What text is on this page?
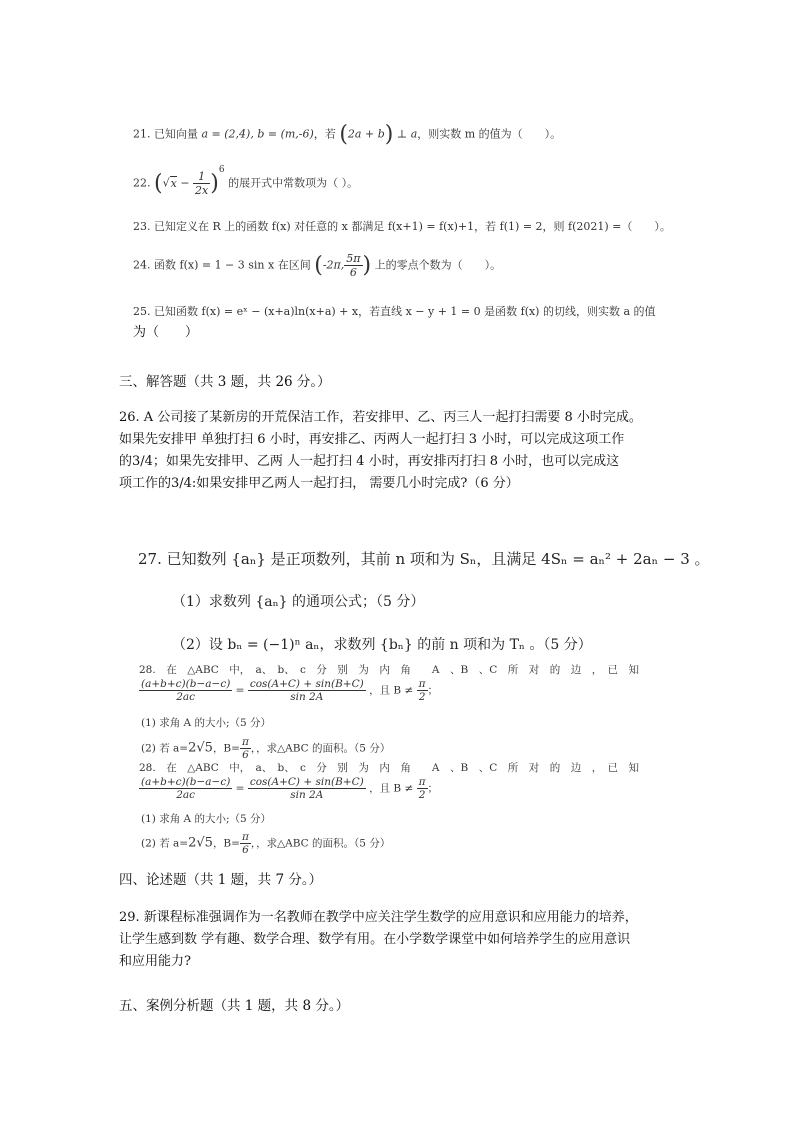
21. 已知向量 a = (2,4), b = (m,-6)，若 (2a + b) ⊥ a，则实数 m 的值为（　　）。
22. $(√x - \frac{1}{2x} )^6$ 的展开式中常数项为（ ）。
23. 已知定义在 R 上的函数 f(x) 对任意的 x 都满足 f(x+1) = f(x)+1，若 f(1) = 2，则 f(2021) =（　　）。
24. 函数 f(x) = 1 − 3 sin x 在区间 (-2π, $\frac{5\pi}{6}$ ) 上的零点个数为（　　）。
25. 已知函数 f(x) = eˣ − (x+a)ln(x+a) + x，若直线 x − y + 1 = 0 是函数 f(x) 的切线，则实数 a 的值
为（　　）
三、解答题（共 3 题，共 26 分。）
26. A 公司接了某新房的开荒保洁工作，若安排甲、乙、丙三人一起打扫需要 8 小时完成。
如果先安排甲 单独打扫 6 小时，再安排乙、丙两人一起打扫 3 小时，可以完成这项工作
的3/4；如果先安排甲、乙两 人一起打扫 4 小时，再安排丙打扫 8 小时，也可以完成这
项工作的3/4:如果安排甲乙两人一起打扫， 需要几小时完成?（6 分）
27. 已知数列 {aₙ} 是正项数列，其前 n 项和为 Sₙ，且满足 4Sₙ = aₙ² + 2aₙ − 3 。
（1）求数列 {aₙ} 的通项公式；（5 分）
（2）设 bₙ = (−1)ⁿ aₙ，求数列 {bₙ} 的前 n 项和为 Tₙ 。（5 分）
28.　在　△ABC　中，　a、　b、　c　分　别　为　内　角　　A　、B　、C　所　对　的　边　，　已　知
$\frac{(a+b+c)(b-a-c)}{2ac} = \frac{\cos(A+C) + \sin(B+C)}{\sin 2A}$ ，且 $B \ne \frac{\pi}{2}$ ；
(1) 求角 A 的大小;（5 分）
(2) 若 a=2√5，$B= \frac{\pi}{6}$ ，，求△ABC 的面积。（5 分）
28.　在　△ABC　中，　a、　b、　c　分　别　为　内　角　　A　、B　、C　所　对　的　边　，　已　知
$\frac{(a+b+c)(b-a-c)}{2ac} = \frac{\cos(A+C) + \sin(B+C)}{\sin 2A}$ ，且 $B \ne \frac{\pi}{2}$ ；
(1) 求角 A 的大小;（5 分）
(2) 若 a=2√5，$B= \frac{\pi}{6}$ ，，求△ABC 的面积。（5 分）
四、论述题（共 1 题，共 7 分。）
29. 新课程标准强调作为一名教师在教学中应关注学生数学的应用意识和应用能力的培养，
让学生感到数 学有趣、数学合理、数学有用。在小学数学课堂中如何培养学生的应用意识
和应用能力?
五、案例分析题（共 1 题，共 8 分。）
